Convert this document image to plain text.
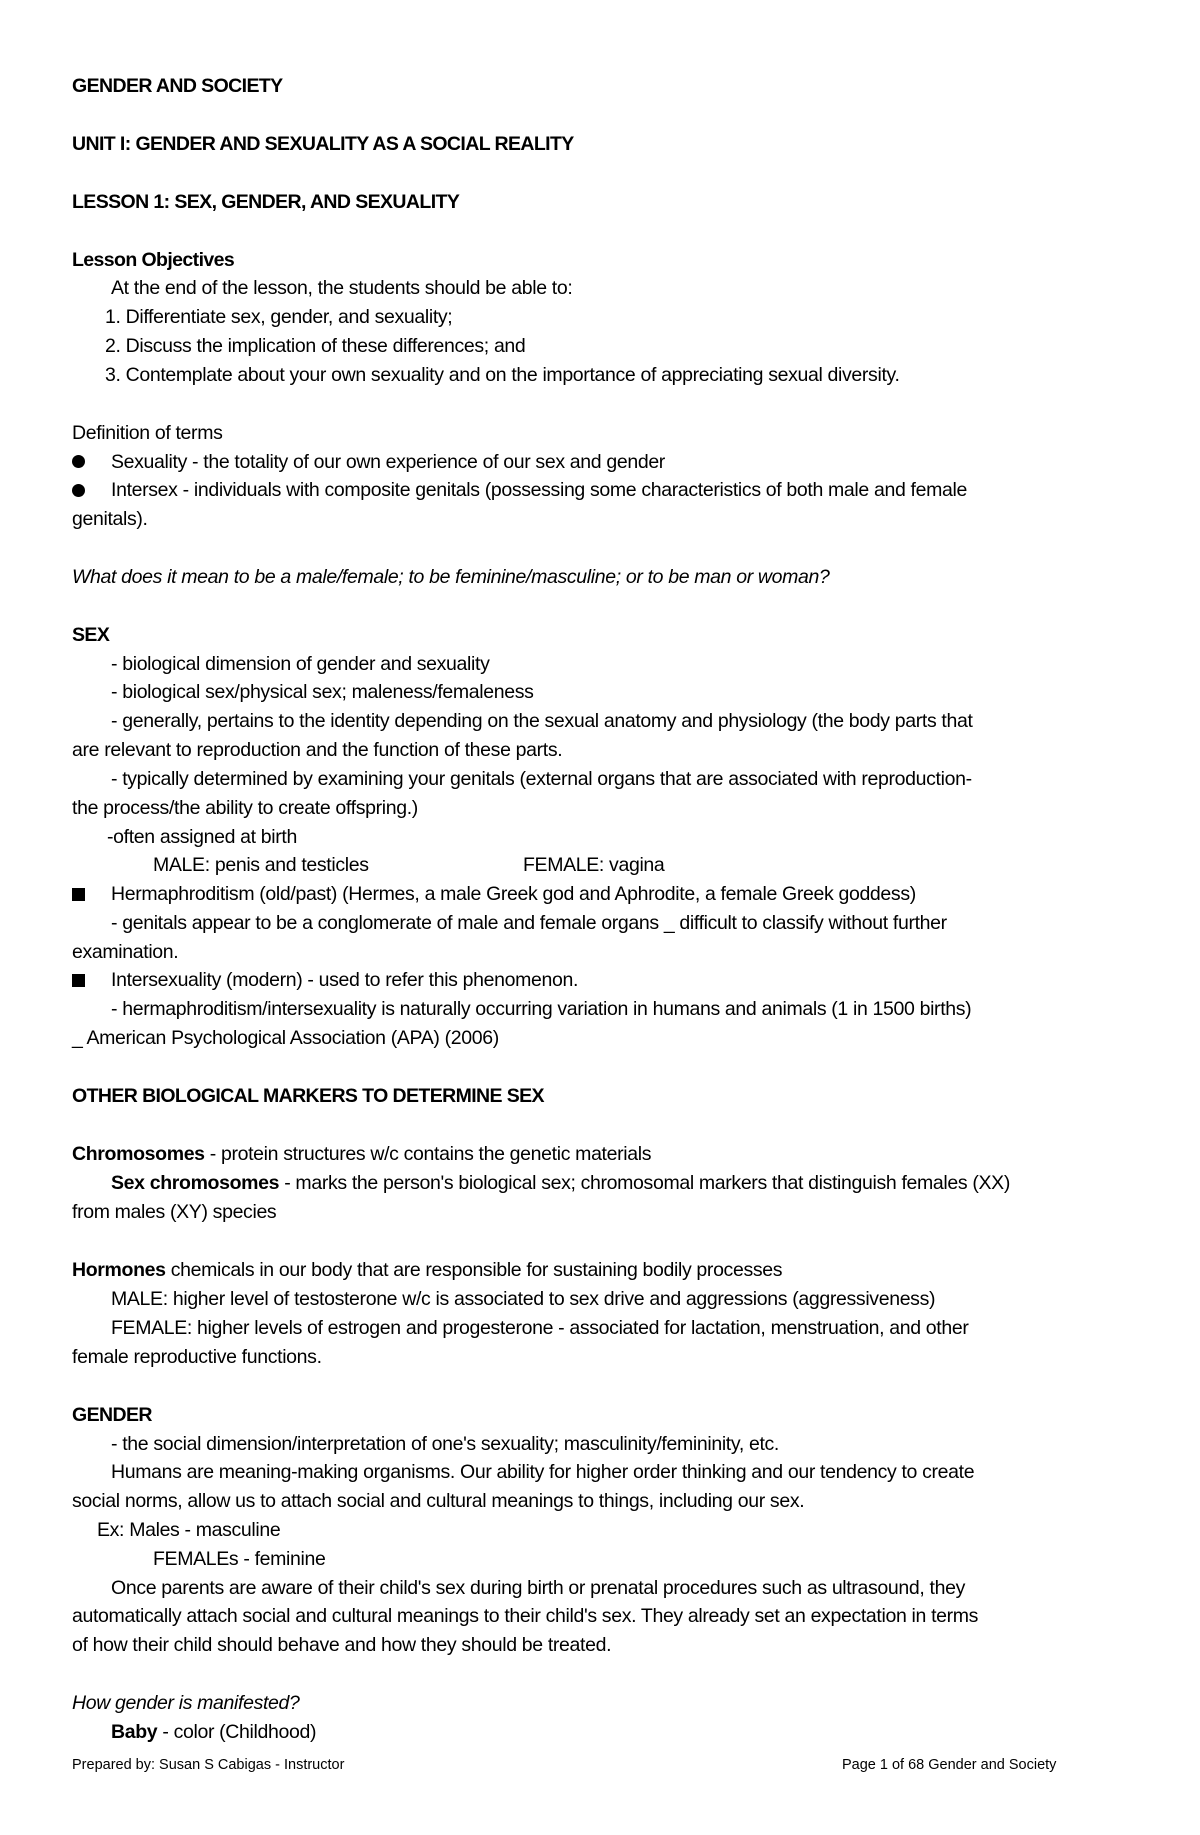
GENDER AND SOCIETY
UNIT I: GENDER AND SEXUALITY AS A SOCIAL REALITY
LESSON 1: SEX, GENDER, AND SEXUALITY
Lesson Objectives
At the end of the lesson, the students should be able to:
1. Differentiate sex, gender, and sexuality;
2. Discuss the implication of these differences; and
3. Contemplate about your own sexuality and on the importance of appreciating sexual diversity.
Definition of terms
Sexuality - the totality of our own experience of our sex and gender
Intersex - individuals with composite genitals (possessing some characteristics of both male and female
genitals).
What does it mean to be a male/female; to be feminine/masculine; or to be man or woman?
SEX
- biological dimension of gender and sexuality
- biological sex/physical sex; maleness/femaleness
- generally, pertains to the identity depending on the sexual anatomy and physiology (the body parts that
are relevant to reproduction and the function of these parts.
- typically determined by examining your genitals (external organs that are associated with reproduction-
the process/the ability to create offspring.)
-often assigned at birth
MALE: penis and testicles	FEMALE: vagina
Hermaphroditism (old/past) (Hermes, a male Greek god and Aphrodite, a female Greek goddess)
- genitals appear to be a conglomerate of male and female organs _ difficult to classify without further
examination.
Intersexuality (modern) - used to refer this phenomenon.
- hermaphroditism/intersexuality is naturally occurring variation in humans and animals (1 in 1500 births)
_ American Psychological Association (APA) (2006)
OTHER BIOLOGICAL MARKERS TO DETERMINE SEX
Chromosomes - protein structures w/c contains the genetic materials
Sex chromosomes - marks the person's biological sex; chromosomal markers that distinguish females (XX)
from males (XY) species
Hormones chemicals in our body that are responsible for sustaining bodily processes
MALE: higher level of testosterone w/c is associated to sex drive and aggressions (aggressiveness)
FEMALE: higher levels of estrogen and progesterone - associated for lactation, menstruation, and other
female reproductive functions.
GENDER
- the social dimension/interpretation of one's sexuality; masculinity/femininity, etc.
Humans are meaning-making organisms. Our ability for higher order thinking and our tendency to create
social norms, allow us to attach social and cultural meanings to things, including our sex.
Ex: Males - masculine
FEMALEs - feminine
Once parents are aware of their child's sex during birth or prenatal procedures such as ultrasound, they
automatically attach social and cultural meanings to their child's sex. They already set an expectation in terms
of how their child should behave and how they should be treated.
How gender is manifested?
Baby - color (Childhood)
Prepared by: Susan S Cabigas - Instructor	Page 1 of 68 Gender and Society
